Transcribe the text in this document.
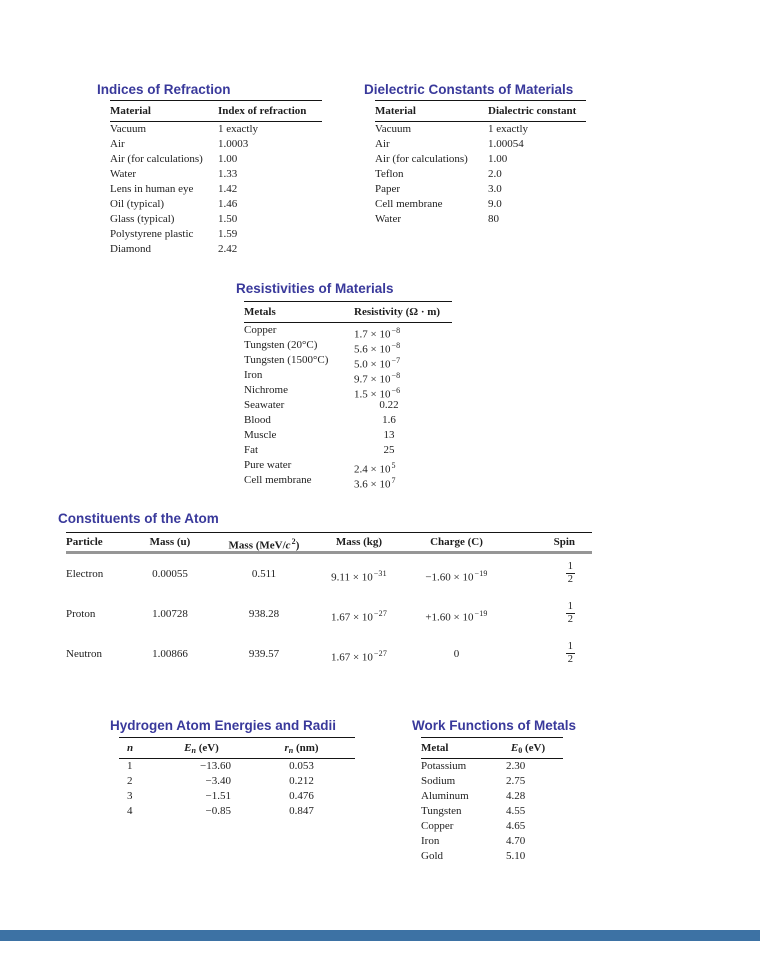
Indices of Refraction
Material	Index of refraction
Vacuum	1 exactly
Air	1.0003
Air (for calculations)	1.00
Water	1.33
Lens in human eye	1.42
Oil (typical)	1.46
Glass (typical)	1.50
Polystyrene plastic	1.59
Diamond	2.42
Dielectric Constants of Materials
Material	Dialectric constant
Vacuum	1 exactly
Air	1.00054
Air (for calculations)	1.00
Teflon	2.0
Paper	3.0
Cell membrane	9.0
Water	80
Resistivities of Materials
Metals	Resistivity (Ω · m)
Copper	$1.7 \times 10^{-8}$
Tungsten (20°C)	$5.6 \times 10^{-8}$
Tungsten (1500°C)	$5.0 \times 10^{-7}$
Iron	$9.7 \times 10^{-8}$
Nichrome	$1.5 \times 10^{-6}$
Seawater	0.22
Blood	1.6
Muscle	13
Fat	25
Pure water	$2.4 \times 10^5$
Cell membrane	$3.6 \times 10^7$
Constituents of the Atom
Particle	Mass (u)	Mass $(MeV/c^2)$	Mass (kg)	Charge (C)	Spin
Electron	0.00055	0.511	$9.11 \times 10^{-31}$	$-1.60 \times 10^{-19}$	$\frac{1}{2}$
Proton	1.00728	938.28	$1.67 \times 10^{-27}$	$+1.60 \times 10^{-19}$	$\frac{1}{2}$
Neutron	1.00866	939.57	$1.67 \times 10^{-27}$	0	$\frac{1}{2}$
Hydrogen Atom Energies and Radii
n	En (eV)	rn (nm)
1	−13.60	0.053
2	−3.40	0.212
3	−1.51	0.476
4	−0.85	0.847
Work Functions of Metals
Metal	E0 (eV)
Potassium	2.30
Sodium	2.75
Aluminum	4.28
Tungsten	4.55
Copper	4.65
Iron	4.70
Gold	5.10
